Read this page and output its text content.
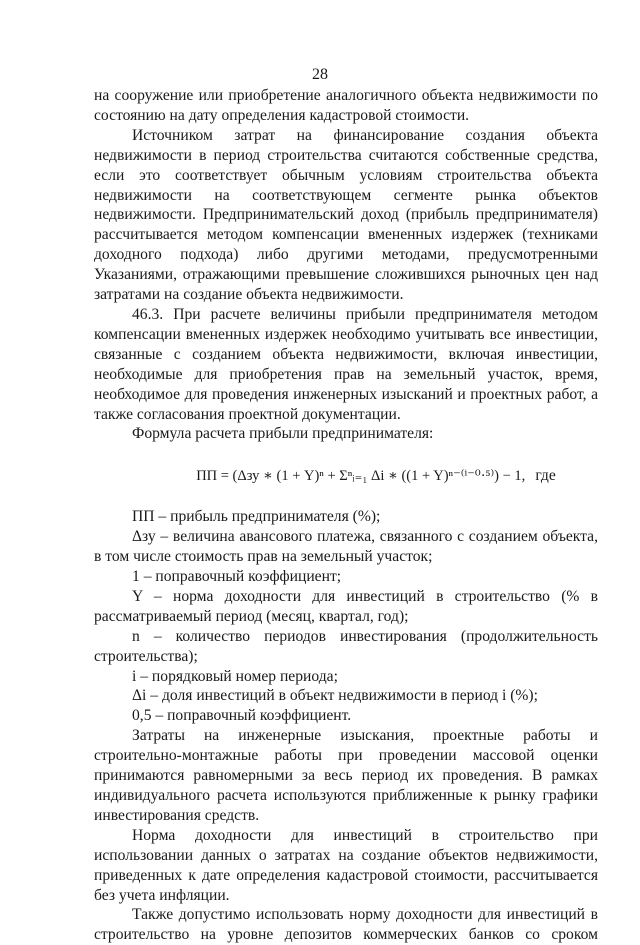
28

на сооружение или приобретение аналогичного объекта недвижимости по состоянию на дату определения кадастровой стоимости.

Источником затрат на финансирование создания объекта недвижимости в период строительства считаются собственные средства, если это соответствует обычным условиям строительства объекта недвижимости на соответствующем сегменте рынка объектов недвижимости. Предпринимательский доход (прибыль предпринимателя) рассчитывается методом компенсации вмененных издержек (техниками доходного подхода) либо другими методами, предусмотренными Указаниями, отражающими превышение сложившихся рыночных цен над затратами на создание объекта недвижимости.

46.3. При расчете величины прибыли предпринимателя методом компенсации вмененных издержек необходимо учитывать все инвестиции, связанные с созданием объекта недвижимости, включая инвестиции, необходимые для приобретения прав на земельный участок, время, необходимое для проведения инженерных изысканий и проектных работ, а также согласования проектной документации.

Формула расчета прибыли предпринимателя:

ПП = (Δзу ∗ (1 + Y)ⁿ + Σⁿᵢ₌₁ Δi ∗ ((1 + Y)ⁿ⁻⁽ⁱ⁻⁰·⁵⁾) − 1, где

ПП – прибыль предпринимателя (%);

Δзу – величина авансового платежа, связанного с созданием объекта, в том числе стоимость прав на земельный участок;

1 – поправочный коэффициент;

Y – норма доходности для инвестиций в строительство (% в рассматриваемый период (месяц, квартал, год);

n – количество периодов инвестирования (продолжительность строительства);

i – порядковый номер периода;

Δi – доля инвестиций в объект недвижимости в период i (%);

0,5 – поправочный коэффициент.

Затраты на инженерные изыскания, проектные работы и строительно-монтажные работы при проведении массовой оценки принимаются равномерными за весь период их проведения. В рамках индивидуального расчета используются приближенные к рынку графики инвестирования средств.

Норма доходности для инвестиций в строительство при использовании данных о затратах на создание объектов недвижимости, приведенных к дате определения кадастровой стоимости, рассчитывается без учета инфляции.

Также допустимо использовать норму доходности для инвестиций в строительство на уровне депозитов коммерческих банков со сроком
